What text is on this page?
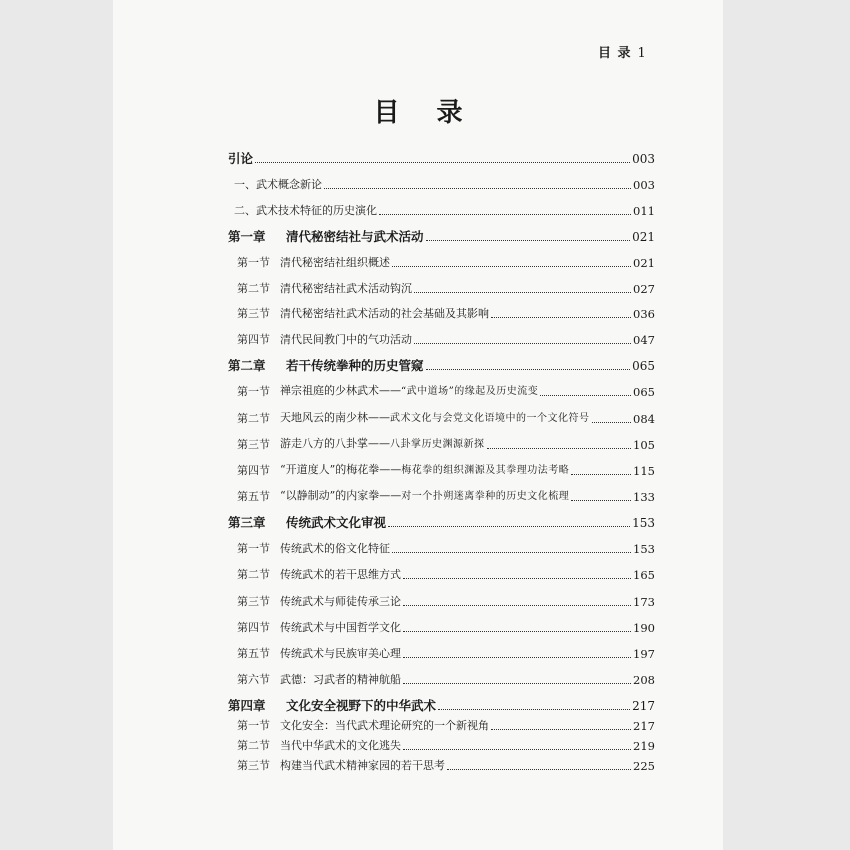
目 录 1
目 录
引论	003
一、武术概念新论	003
二、武术技术特征的历史演化	011
第一章	清代秘密结社与武术活动	021
第一节 清代秘密结社组织概述	021
第二节 清代秘密结社武术活动钩沉	027
第三节 清代秘密结社武术活动的社会基础及其影响	036
第四节 清代民间教门中的气功活动	047
第二章	若干传统拳种的历史管窥	065
第一节 禅宗祖庭的少林武术——“武中道场”的缘起及历史流变	065
第二节 天地风云的南少林——武术文化与会党文化语境中的一个文化符号	084
第三节 游走八方的八卦掌——八卦掌历史渊源新探	105
第四节 “开道度人”的梅花拳——梅花拳的组织渊源及其拳理功法考略	115
第五节 “以静制动”的内家拳——对一个扑朔迷离拳种的历史文化梳理	133
第三章	传统武术文化审视	153
第一节 传统武术的俗文化特征	153
第二节 传统武术的若干思维方式	165
第三节 传统武术与师徒传承三论	173
第四节 传统武术与中国哲学文化	190
第五节 传统武术与民族审美心理	197
第六节 武德：习武者的精神航船	208
第四章	文化安全视野下的中华武术	217
第一节 文化安全：当代武术理论研究的一个新视角	217
第二节 当代中华武术的文化逃失	219
第三节 构建当代武术精神家园的若干思考	225
